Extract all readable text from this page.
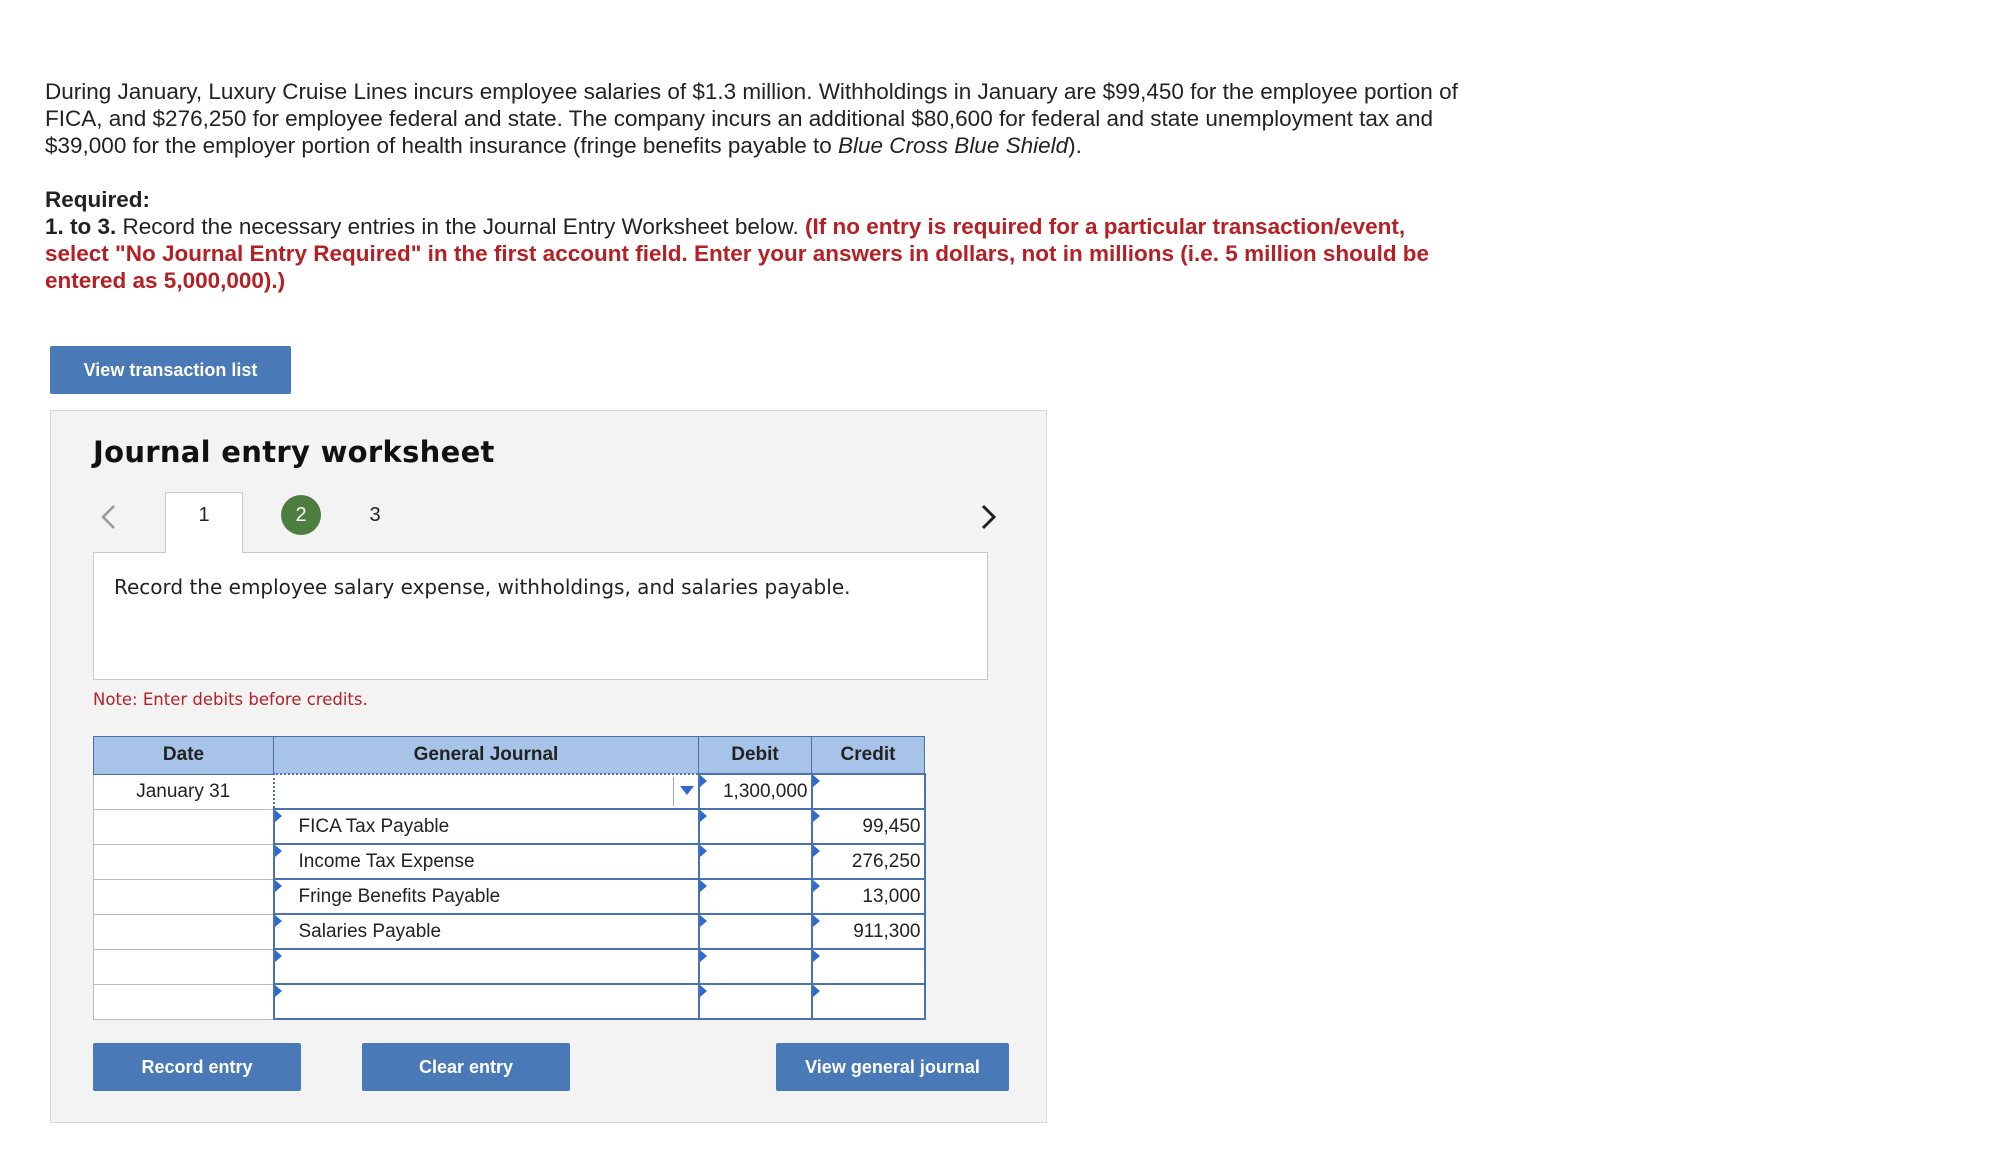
During January, Luxury Cruise Lines incurs employee salaries of $1.3 million. Withholdings in January are $99,450 for the employee portion of FICA, and $276,250 for employee federal and state. The company incurs an additional $80,600 for federal and state unemployment tax and $39,000 for the employer portion of health insurance (fringe benefits payable to Blue Cross Blue Shield).

Required:
1. to 3. Record the necessary entries in the Journal Entry Worksheet below. (If no entry is required for a particular transaction/event, select "No Journal Entry Required" in the first account field. Enter your answers in dollars, not in millions (i.e. 5 million should be entered as 5,000,000).)

View transaction list
Journal entry worksheet
1	2	3

Record the employee salary expense, withholdings, and salaries payable.

Note: Enter debits before credits.
Date	General Journal	Debit	Credit
January 31		1,300,000	

FICA Tax Payable		99,450

Income Tax Expense		276,250

Fringe Benefits Payable		13,000

Salaries Payable		911,300

Record entry	Clear entry	View general journal
